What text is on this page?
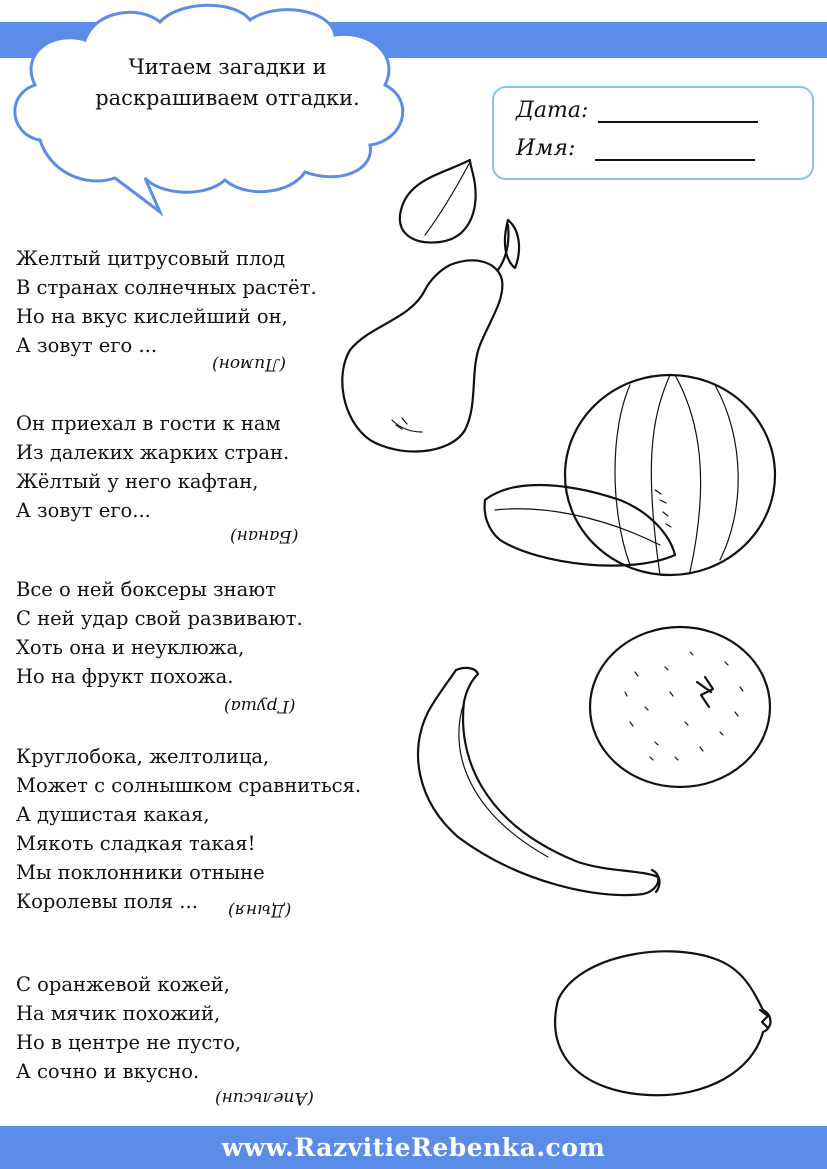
Читаем загадки и
раскрашиваем отгадки.	Дата:
Имя:
Желтый цитрусовый плод
В странах солнечных растёт.
Но на вкус кислейший он,
А зовут его ...
(Лимон)
Он приехал в гости к нам
Из далеких жарких стран.
Жёлтый у него кафтан,
А зовут его...
(Банан)
Все о ней боксеры знают
С ней удар свой развивают.
Хоть она и неуклюжа,
Но на фрукт похожа.
(Груша)
Круглобока, желтолица,
Может с солнышком сравниться.
А душистая какая,
Мякоть сладкая такая!
Мы поклонники отныне
Королевы поля ...	(Дыня)
С оранжевой кожей,
На мячик похожий,
Но в центре не пусто,
А сочно и вкусно.
(Апельсин)
www.RazvitieRebenka.com
